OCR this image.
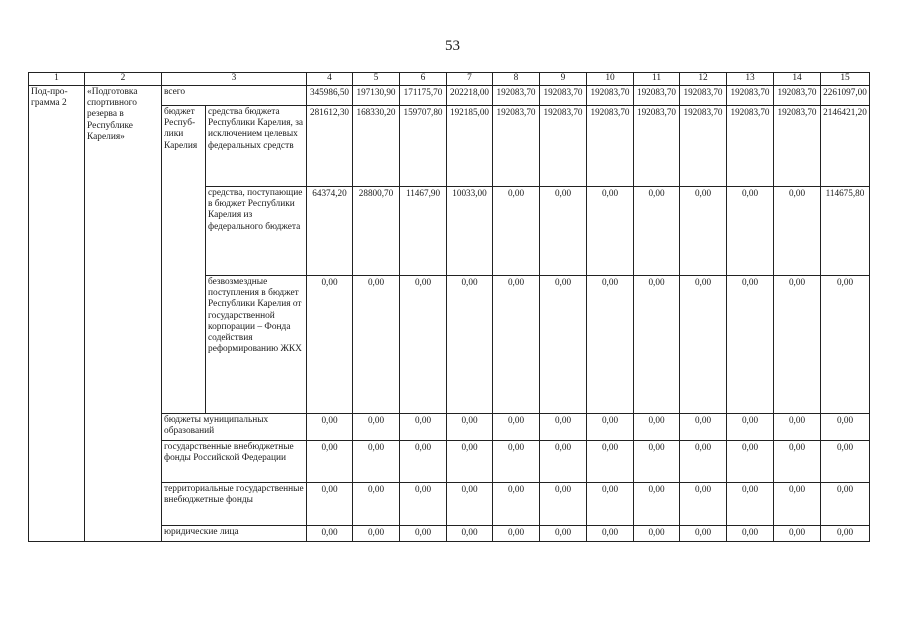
53
1	2	3		4	5	6	7	8	9	10	11	12	13	14	15
Под-про-грамма 2	«Подготовка спортивного резерва в Республике Карелия»	всего		345986,50	197130,90	171175,70	202218,00	192083,70	192083,70	192083,70	192083,70	192083,70	192083,70	192083,70	2261097,00
		бюджет Респуб-лики Карелия	средства бюджета Республики Карелия, за исключением целевых федеральных средств	281612,30	168330,20	159707,80	192185,00	192083,70	192083,70	192083,70	192083,70	192083,70	192083,70	192083,70	2146421,20
			средства, поступающие в бюджет Республики Карелия из федерального бюджета	64374,20	28800,70	11467,90	10033,00	0,00	0,00	0,00	0,00	0,00	0,00	0,00	114675,80
			безвозмездные поступления в бюджет Республики Карелия от государственной корпорации – Фонда содействия реформированию ЖКХ	0,00	0,00	0,00	0,00	0,00	0,00	0,00	0,00	0,00	0,00	0,00	0,00
		бюджеты муниципальных образований		0,00	0,00	0,00	0,00	0,00	0,00	0,00	0,00	0,00	0,00	0,00	0,00
		государственные внебюджетные фонды Российской Федерации		0,00	0,00	0,00	0,00	0,00	0,00	0,00	0,00	0,00	0,00	0,00	0,00
		территориальные государственные внебюджетные фонды		0,00	0,00	0,00	0,00	0,00	0,00	0,00	0,00	0,00	0,00	0,00	0,00
		юридические лица		0,00	0,00	0,00	0,00	0,00	0,00	0,00	0,00	0,00	0,00	0,00	0,00
